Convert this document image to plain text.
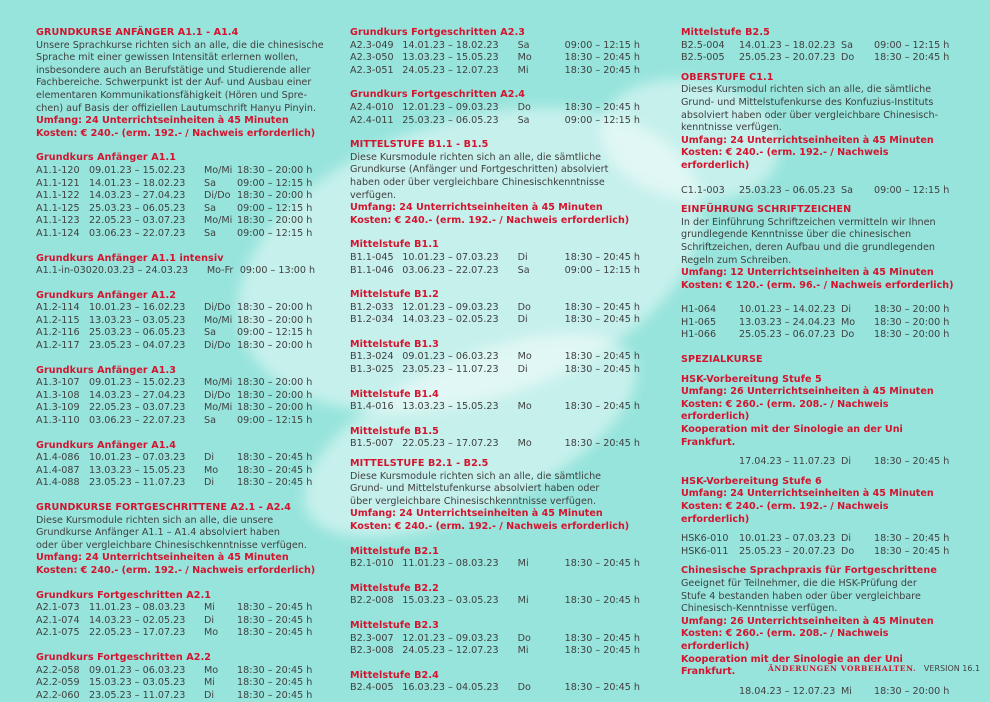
GRUNDKURSE ANFÄNGER A1.1 - A1.4
Unsere Sprachkurse richten sich an alle, die die chinesische
Sprache mit einer gewissen Intensität erlernen wollen,
insbesondere auch an Berufstätige und Studierende aller
Fachbereiche. Schwerpunkt ist der Auf- und Ausbau einer
elementaren Kommunikationsfähigkeit (Hören und Spre-
chen) auf Basis der offiziellen Lautumschrift Hanyu Pinyin.
Umfang: 24 Unterrichtseinheiten à 45 Minuten
Kosten: € 240.- (erm. 192.- / Nachweis erforderlich)
Grundkurs Anfänger A1.1
A1.1-120	09.01.23 – 15.02.23	Mo/Mi	18:30 – 20:00 h
A1.1-121	14.01.23 – 18.02.23	Sa	09:00 – 12:15 h
A1.1-122	14.03.23 – 27.04.23	Di/Do	18:30 – 20:00 h
A1.1-125	25.03.23 – 06.05.23	Sa	09:00 – 12:15 h
A1.1-123	22.05.23 – 03.07.23	Mo/Mi	18:30 – 20:00 h
A1.1-124	03.06.23 – 22.07.23	Sa	09:00 – 12:15 h
Grundkurs Anfänger A1.1 intensiv
A1.1-in-030	20.03.23 – 24.03.23	Mo-Fr	09:00 – 13:00 h
Grundkurs Anfänger A1.2
A1.2-114	10.01.23 – 16.02.23	Di/Do	18:30 – 20:00 h
A1.2-115	13.03.23 – 03.05.23	Mo/Mi	18:30 – 20:00 h
A1.2-116	25.03.23 – 06.05.23	Sa	09:00 – 12:15 h
A1.2-117	23.05.23 – 04.07.23	Di/Do	18:30 – 20:00 h
Grundkurs Anfänger A1.3
A1.3-107	09.01.23 – 15.02.23	Mo/Mi	18:30 – 20:00 h
A1.3-108	14.03.23 – 27.04.23	Di/Do	18:30 – 20:00 h
A1.3-109	22.05.23 – 03.07.23	Mo/Mi	18:30 – 20:00 h
A1.3-110	03.06.23 – 22.07.23	Sa	09:00 – 12:15 h
Grundkurs Anfänger A1.4
A1.4-086	10.01.23 – 07.03.23	Di	18:30 – 20:45 h
A1.4-087	13.03.23 – 15.05.23	Mo	18:30 – 20:45 h
A1.4-088	23.05.23 – 11.07.23	Di	18:30 – 20:45 h
GRUNDKURSE FORTGESCHRITTENE A2.1 - A2.4
Diese Kursmodule richten sich an alle, die unsere
Grundkurse Anfänger A1.1 – A1.4 absolviert haben
oder über vergleichbare Chinesischkenntnisse verfügen.
Umfang: 24 Unterrichtseinheiten à 45 Minuten
Kosten: € 240.- (erm. 192.- / Nachweis erforderlich)
Grundkurs Fortgeschritten A2.1
A2.1-073	11.01.23 – 08.03.23	Mi	18:30 – 20:45 h
A2.1-074	14.03.23 – 02.05.23	Di	18:30 – 20:45 h
A2.1-075	22.05.23 – 17.07.23	Mo	18:30 – 20:45 h
Grundkurs Fortgeschritten A2.2
A2.2-058	09.01.23 – 06.03.23	Mo	18:30 – 20:45 h
A2.2-059	15.03.23 – 03.05.23	Mi	18:30 – 20:45 h
A2.2-060	23.05.23 – 11.07.23	Di	18:30 – 20:45 h
Grundkurs Fortgeschritten A2.3
A2.3-049	14.01.23 – 18.02.23	Sa	09:00 – 12:15 h
A2.3-050	13.03.23 – 15.05.23	Mo	18:30 – 20:45 h
A2.3-051	24.05.23 – 12.07.23	Mi	18:30 – 20:45 h
Grundkurs Fortgeschritten A2.4
A2.4-010	12.01.23 – 09.03.23	Do	18:30 – 20:45 h
A2.4-011	25.03.23 – 06.05.23	Sa	09:00 – 12:15 h
MITTELSTUFE B1.1 - B1.5
Diese Kursmodule richten sich an alle, die sämtliche
Grundkurse (Anfänger und Fortgeschritten) absolviert
haben oder über vergleichbare Chinesischkenntnisse
verfügen.
Umfang: 24 Unterrichtseinheiten à 45 Minuten
Kosten: € 240.- (erm. 192.- / Nachweis erforderlich)
Mittelstufe B1.1
B1.1-045	10.01.23 – 07.03.23	Di	18:30 – 20:45 h
B1.1-046	03.06.23 – 22.07.23	Sa	09:00 – 12:15 h
Mittelstufe B1.2
B1.2-033	12.01.23 – 09.03.23	Do	18:30 – 20:45 h
B1.2-034	14.03.23 – 02.05.23	Di	18:30 – 20:45 h
Mittelstufe B1.3
B1.3-024	09.01.23 – 06.03.23	Mo	18:30 – 20:45 h
B1.3-025	23.05.23 – 11.07.23	Di	18:30 – 20:45 h
Mittelstufe B1.4
B1.4-016	13.03.23 – 15.05.23	Mo	18:30 – 20:45 h
Mittelstufe B1.5
B1.5-007	22.05.23 – 17.07.23	Mo	18:30 – 20:45 h
MITTELSTUFE B2.1 - B2.5
Diese Kursmodule richten sich an alle, die sämtliche
Grund- und Mittelstufenkurse absolviert haben oder
über vergleichbare Chinesischkenntnisse verfügen.
Umfang: 24 Unterrichtseinheiten à 45 Minuten
Kosten: € 240.- (erm. 192.- / Nachweis erforderlich)
Mittelstufe B2.1
B2.1-010	11.01.23 – 08.03.23	Mi	18:30 – 20:45 h
Mittelstufe B2.2
B2.2-008	15.03.23 – 03.05.23	Mi	18:30 – 20:45 h
Mittelstufe B2.3
B2.3-007	12.01.23 – 09.03.23	Do	18:30 – 20:45 h
B2.3-008	24.05.23 – 12.07.23	Mi	18:30 – 20:45 h
Mittelstufe B2.4
B2.4-005	16.03.23 – 04.05.23	Do	18:30 – 20:45 h
Mittelstufe B2.5
B2.5-004	14.01.23 – 18.02.23	Sa	09:00 – 12:15 h
B2.5-005	25.05.23 – 20.07.23	Do	18:30 – 20:45 h
OBERSTUFE C1.1
Dieses Kursmodul richten sich an alle, die sämtliche
Grund- und Mittelstufenkurse des Konfuzius-Instituts
absolviert haben oder über vergleichbare Chinesisch-
kenntnisse verfügen.
Umfang: 24 Unterrichtseinheiten à 45 Minuten
Kosten: € 240.- (erm. 192.- / Nachweis erforderlich)
C1.1-003	25.03.23 – 06.05.23	Sa	09:00 – 12:15 h
EINFÜHRUNG SCHRIFTZEICHEN
In der Einführung Schriftzeichen vermitteln wir Ihnen
grundlegende Kenntnisse über die chinesischen
Schriftzeichen, deren Aufbau und die grundlegenden
Regeln zum Schreiben.
Umfang: 12 Unterrichtseinheiten à 45 Minuten
Kosten: € 120.- (erm. 96.- / Nachweis erforderlich)
H1-064	10.01.23 – 14.02.23	Di	18:30 – 20:00 h
H1-065	13.03.23 – 24.04.23	Mo	18:30 – 20:00 h
H1-066	25.05.23 – 06.07.23	Do	18:30 – 20:00 h
SPEZIALKURSE
HSK-Vorbereitung Stufe 5
Umfang: 26 Unterrichtseinheiten à 45 Minuten
Kosten: € 260.- (erm. 208.- / Nachweis erforderlich)
Kooperation mit der Sinologie an der Uni Frankfurt.
	17.04.23 – 11.07.23	Di	18:30 – 20:45 h
HSK-Vorbereitung Stufe 6
Umfang: 24 Unterrichtseinheiten à 45 Minuten
Kosten: € 240.- (erm. 192.- / Nachweis erforderlich)
HSK6-010	10.01.23 – 07.03.23	Di	18:30 – 20:45 h
HSK6-011	25.05.23 – 20.07.23	Do	18:30 – 20:45 h
Chinesische Sprachpraxis für Fortgeschrittene
Geeignet für Teilnehmer, die die HSK-Prüfung der
Stufe 4 bestanden haben oder über vergleichbare
Chinesisch-Kenntnisse verfügen.
Umfang: 26 Unterrichtseinheiten à 45 Minuten
Kosten: € 260.- (erm. 208.- / Nachweis erforderlich)
Kooperation mit der Sinologie an der Uni Frankfurt.
	18.04.23 – 12.07.23	Mi	18:30 – 20:00 h
ÄNDERUNGEN VORBEHALTEN. VERSION 16.1
